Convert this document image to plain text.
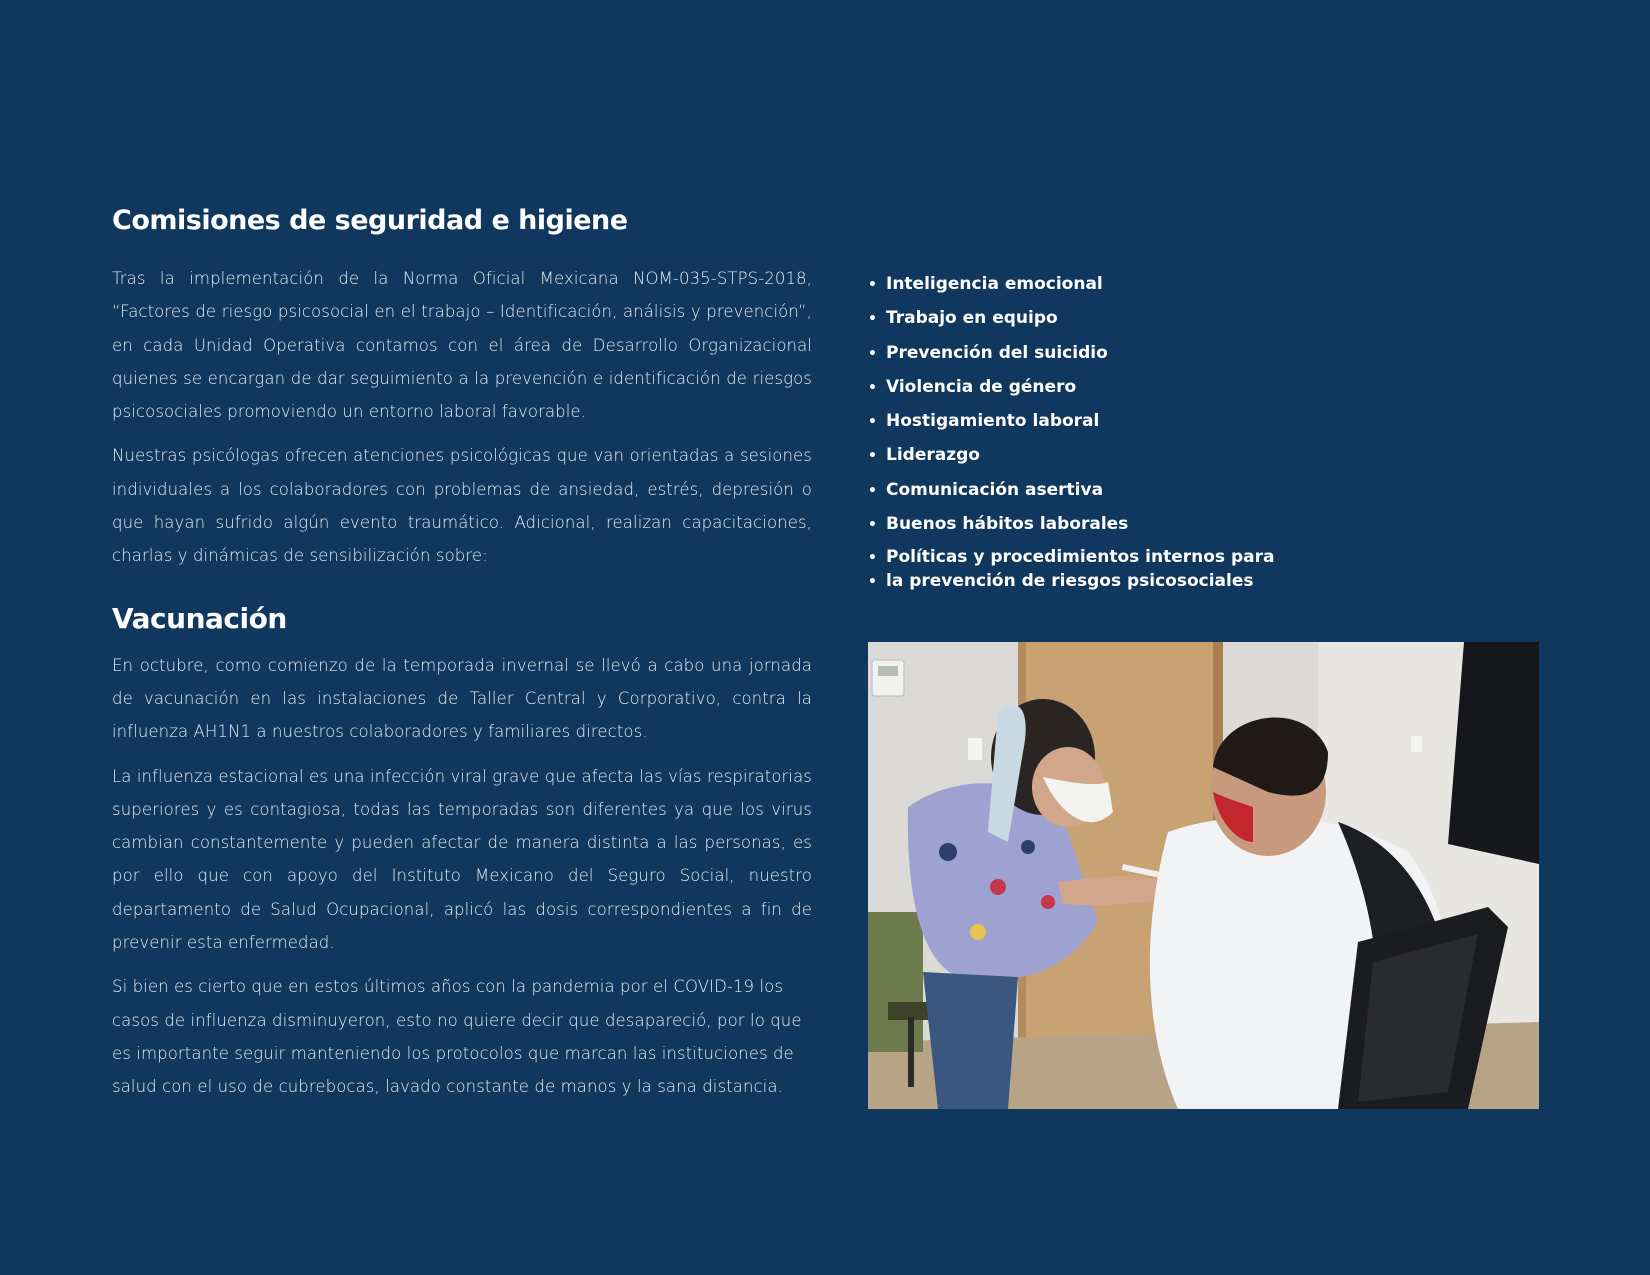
Comisiones de seguridad e higiene

Tras la implementación de la Norma Oficial Mexicana NOM-035-STPS-2018, “Factores de riesgo psicosocial en el trabajo – Identificación, análisis y prevención”, en cada Unidad Operativa contamos con el área de Desarrollo Organizacional quienes se encargan de dar seguimiento a la prevención e identificación de riesgos psicosociales promoviendo un entorno laboral favorable.

Nuestras psicólogas ofrecen atenciones psicológicas que van orientadas a sesiones individuales a los colaboradores con problemas de ansiedad, estrés, depresión o que hayan sufrido algún evento traumático. Adicional, realizan capacitaciones, charlas y dinámicas de sensibilización sobre:

Vacunación

En octubre, como comienzo de la temporada invernal se llevó a cabo una jornada de vacunación en las instalaciones de Taller Central y Corporativo, contra la influenza AH1N1 a nuestros colaboradores y familiares directos.

La influenza estacional es una infección viral grave que afecta las vías respiratorias superiores y es contagiosa, todas las temporadas son diferentes ya que los virus cambian constantemente y pueden afectar de manera distinta a las personas, es por ello que con apoyo del Instituto Mexicano del Seguro Social, nuestro departamento de Salud Ocupacional, aplicó las dosis correspondientes a fin de prevenir esta enfermedad.

Si bien es cierto que en estos últimos años con la pandemia por el COVID-19 los casos de influenza disminuyeron, esto no quiere decir que desapareció, por lo que es importante seguir manteniendo los protocolos que marcan las instituciones de salud con el uso de cubrebocas, lavado constante de manos y la sana distancia.

• Inteligencia emocional
• Trabajo en equipo
• Prevención del suicidio
• Violencia de género
• Hostigamiento laboral
• Liderazgo
• Comunicación asertiva
• Buenos hábitos laborales
• Políticas y procedimientos internos para
• la prevención de riesgos psicosociales
